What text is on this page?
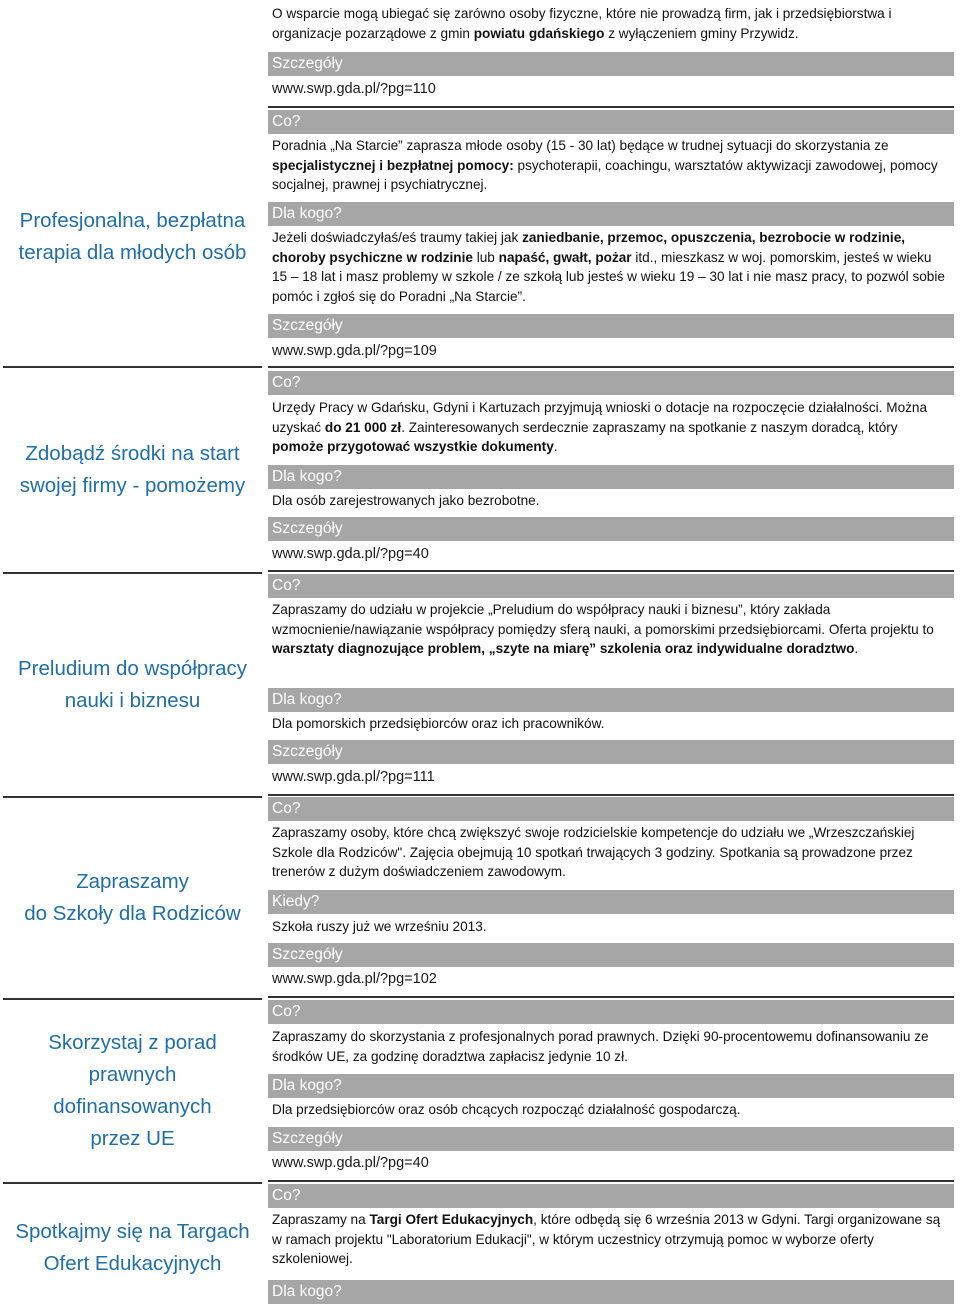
Profesjonalna, bezpłatna
terapia dla młodych osób
Zdobądź środki na start
swojej firmy - pomożemy
Preludium do współpracy
nauki i biznesu
Zapraszamy
do Szkoły dla Rodziców
Skorzystaj z porad
prawnych
dofinansowanych
przez UE
Spotkajmy się na Targach
Ofert Edukacyjnych
O wsparcie mogą ubiegać się zarówno osoby fizyczne, które nie prowadzą firm, jak i przedsiębiorstwa i organizacje pozarządowe z gmin powiatu gdańskiego z wyłączeniem gminy Przywidz.
Szczegóły
www.swp.gda.pl/?pg=110
Co?
Poradnia „Na Starcie” zaprasza młode osoby (15 - 30 lat) będące w trudnej sytuacji do skorzystania ze specjalistycznej i bezpłatnej pomocy: psychoterapii, coachingu, warsztatów aktywizacji zawodowej, pomocy socjalnej, prawnej i psychiatrycznej.
Dla kogo?
Jeżeli doświadczyłaś/eś traumy takiej jak zaniedbanie, przemoc, opuszczenia, bezrobocie w rodzinie, choroby psychiczne w rodzinie lub napaść, gwałt, pożar itd., mieszkasz w woj. pomorskim, jesteś w wieku 15 – 18 lat i masz problemy w szkole / ze szkołą lub jesteś w wieku 19 – 30 lat i nie masz pracy, to pozwól sobie pomóc i zgłoś się do Poradni „Na Starcie”.
Szczegóły
www.swp.gda.pl/?pg=109
Co?
Urzędy Pracy w Gdańsku, Gdyni i Kartuzach przyjmują wnioski o dotacje na rozpoczęcie działalności. Można uzyskać do 21 000 zł. Zainteresowanych serdecznie zapraszamy na spotkanie z naszym doradcą, który pomoże przygotować wszystkie dokumenty.
Dla kogo?
Dla osób zarejestrowanych jako bezrobotne.
Szczegóły
www.swp.gda.pl/?pg=40
Co?
Zapraszamy do udziału w projekcie „Preludium do współpracy nauki i biznesu”, który zakłada wzmocnienie/nawiązanie współpracy pomiędzy sferą nauki, a pomorskimi przedsiębiorcami. Oferta projektu to warsztaty diagnozujące problem, „szyte na miarę” szkolenia oraz indywidualne doradztwo.
Dla kogo?
Dla pomorskich przedsiębiorców oraz ich pracowników.
Szczegóły
www.swp.gda.pl/?pg=111
Co?
Zapraszamy osoby, które chcą zwiększyć swoje rodzicielskie kompetencje do udziału we „Wrzeszczańskiej Szkole dla Rodziców". Zajęcia obejmują 10 spotkań trwających 3 godziny. Spotkania są prowadzone przez trenerów z dużym doświadczeniem zawodowym.
Kiedy?
Szkoła ruszy już we wrześniu 2013.
Szczegóły
www.swp.gda.pl/?pg=102
Co?
Zapraszamy do skorzystania z profesjonalnych porad prawnych. Dzięki 90-procentowemu dofinansowaniu ze środków UE, za godzinę doradztwa zapłacisz jedynie 10 zł.
Dla kogo?
Dla przedsiębiorców oraz osób chcących rozpocząć działalność gospodarczą.
Szczegóły
www.swp.gda.pl/?pg=40
Co?
Zapraszamy na Targi Ofert Edukacyjnych, które odbędą się 6 września 2013 w Gdyni. Targi organizowane są w ramach projektu "Laboratorium Edukacji", w którym uczestnicy otrzymują pomoc w wyborze oferty szkoleniowej.
Dla kogo?
